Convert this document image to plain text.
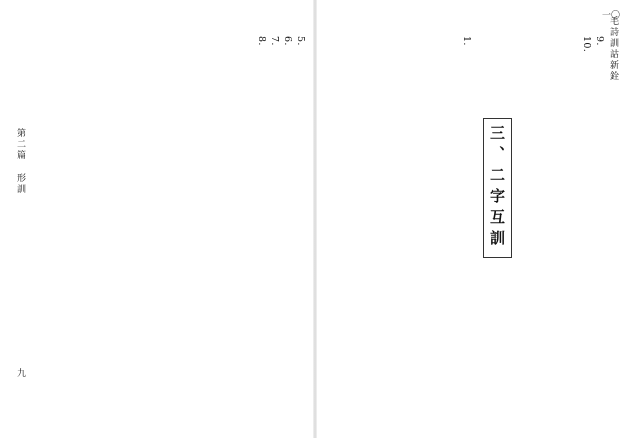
第二篇 形訓
九
5.
6.
7.
8.	毛詩訓詁新銓
一〇
9.
10.
三、二字互訓
1.
